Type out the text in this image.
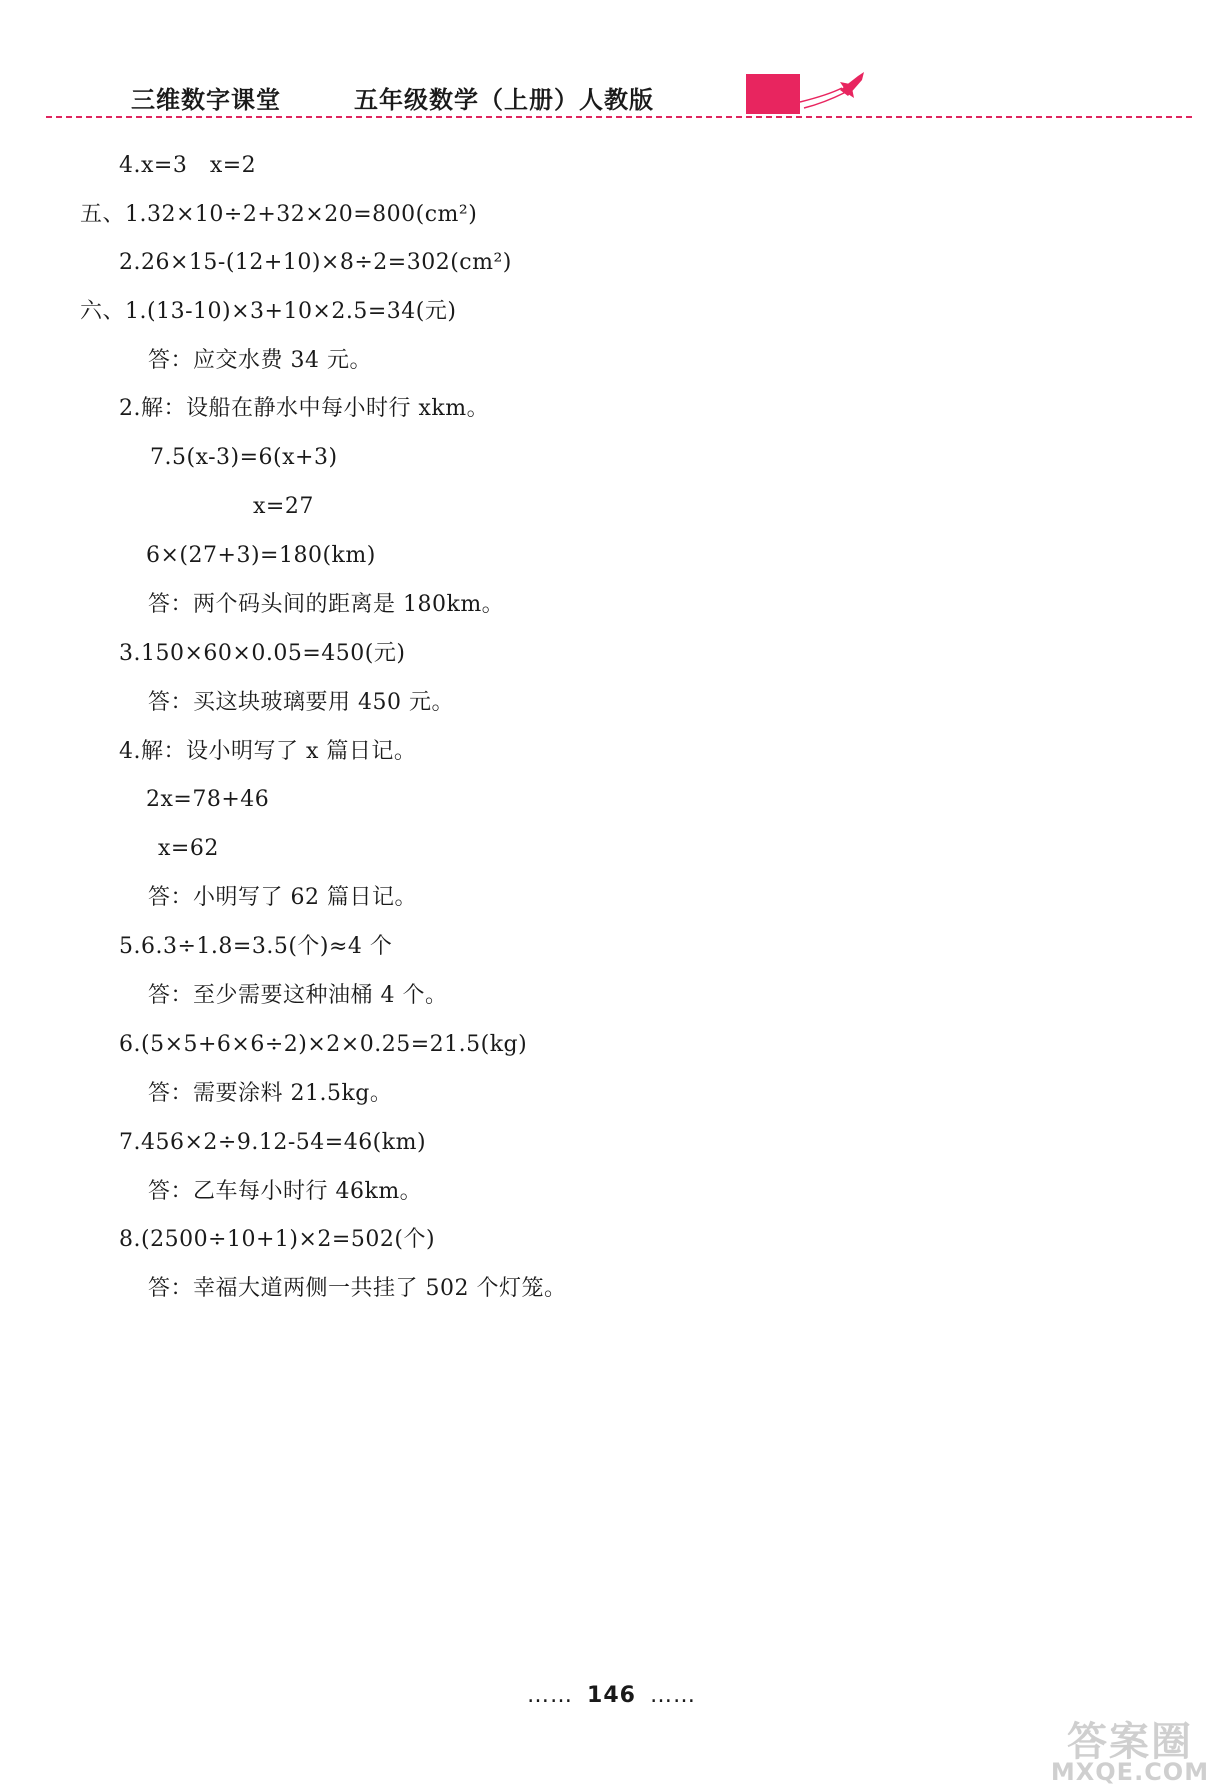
三维数字课堂	五年级数学（上册）人教版
4.x=3　x=2
五、1.32×10÷2+32×20=800(cm²)
2.26×15-(12+10)×8÷2=302(cm²)
六、1.(13-10)×3+10×2.5=34(元)
答：应交水费 34 元。
2.解：设船在静水中每小时行 xkm。
7.5(x-3)=6(x+3)
x=27
6×(27+3)=180(km)
答：两个码头间的距离是 180km。
3.150×60×0.05=450(元)
答：买这块玻璃要用 450 元。
4.解：设小明写了 x 篇日记。
2x=78+46
x=62
答：小明写了 62 篇日记。
5.6.3÷1.8=3.5(个)≈4 个
答：至少需要这种油桶 4 个。
6.(5×5+6×6÷2)×2×0.25=21.5(kg)
答：需要涂料 21.5kg。
7.456×2÷9.12-54=46(km)
答：乙车每小时行 46km。
8.(2500÷10+1)×2=502(个)
答：幸福大道两侧一共挂了 502 个灯笼。
…… 146 ……
答案圈
MXQE.COM
